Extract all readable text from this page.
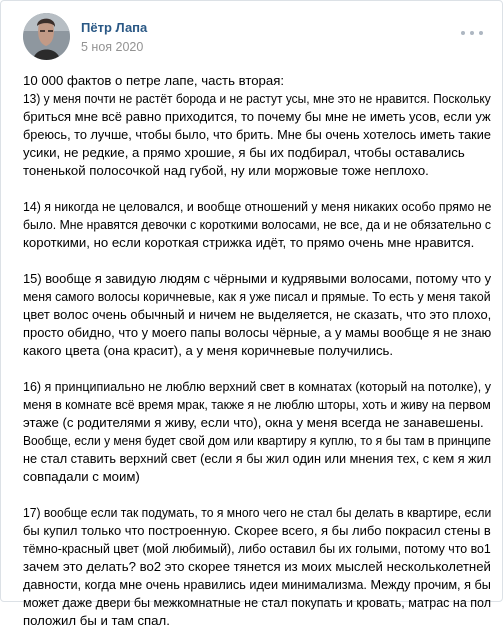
Пётр Лапа
5 ноя 2020
10 000 фактов о петре лапе, часть вторая:
13) у меня почти не растёт борода и не растут усы, мне это не нравится. Поскольку бриться мне всё равно приходится, то почему бы мне не иметь усов, если уж бреюсь, то лучше, чтобы было, что брить. Мне бы очень хотелось иметь такие
усики, не редкие, а прямо хрошие, я бы их подбирал, чтобы оставались
тоненькой полосочкой над губой, ну или моржовые тоже неплохо.
14) я никогда не целовался, и вообще отношений у меня никаких особо прямо не было. Мне нравятся девочки с короткими волосами, не все, да и не обязательно с
короткими, но если короткая стрижка идёт, то прямо очень мне нравится.
15) вообще я завидую людям с чёрными и кудрявыми волосами, потому что у меня самого волосы коричневые, как я уже писал и прямые. То есть у меня такой цвет волос очень обычный и ничем не выделяется, не сказать, что это плохо, просто обидно, что у моего папы волосы чёрные, а у мамы вообще я не знаю
какого цвета (она красит), а у меня коричневые получились.
16) я принципиально не люблю верхний свет в комнатах (который на потолке), у меня в комнате всё время мрак, также я не люблю шторы, хоть и живу на первом
этаже (с родителями я живу, если что), окна у меня всегда не занавешены.
Вообще, если у меня будет свой дом или квартиру я куплю, то я бы там в принципе не стал ставить верхний свет (если я бы жил один или мнения тех, с кем я жил
совпадали с моим)
17) вообще если так подумать, то я много чего не стал бы делать в квартире, если бы купил только что построенную. Скорее всего, я бы либо покрасил стены в тёмно-красный цвет (мой любимый), либо оставил бы их голыми, потому что во1
зачем это делать? во2 это скорее тянется из моих мыслей нескольколетней
давности, когда мне очень нравились идеи минимализма. Между прочим, я бы может даже двери бы межкомнатные не стал покупать и кровать, матрас на пол
положил бы и там спал.
